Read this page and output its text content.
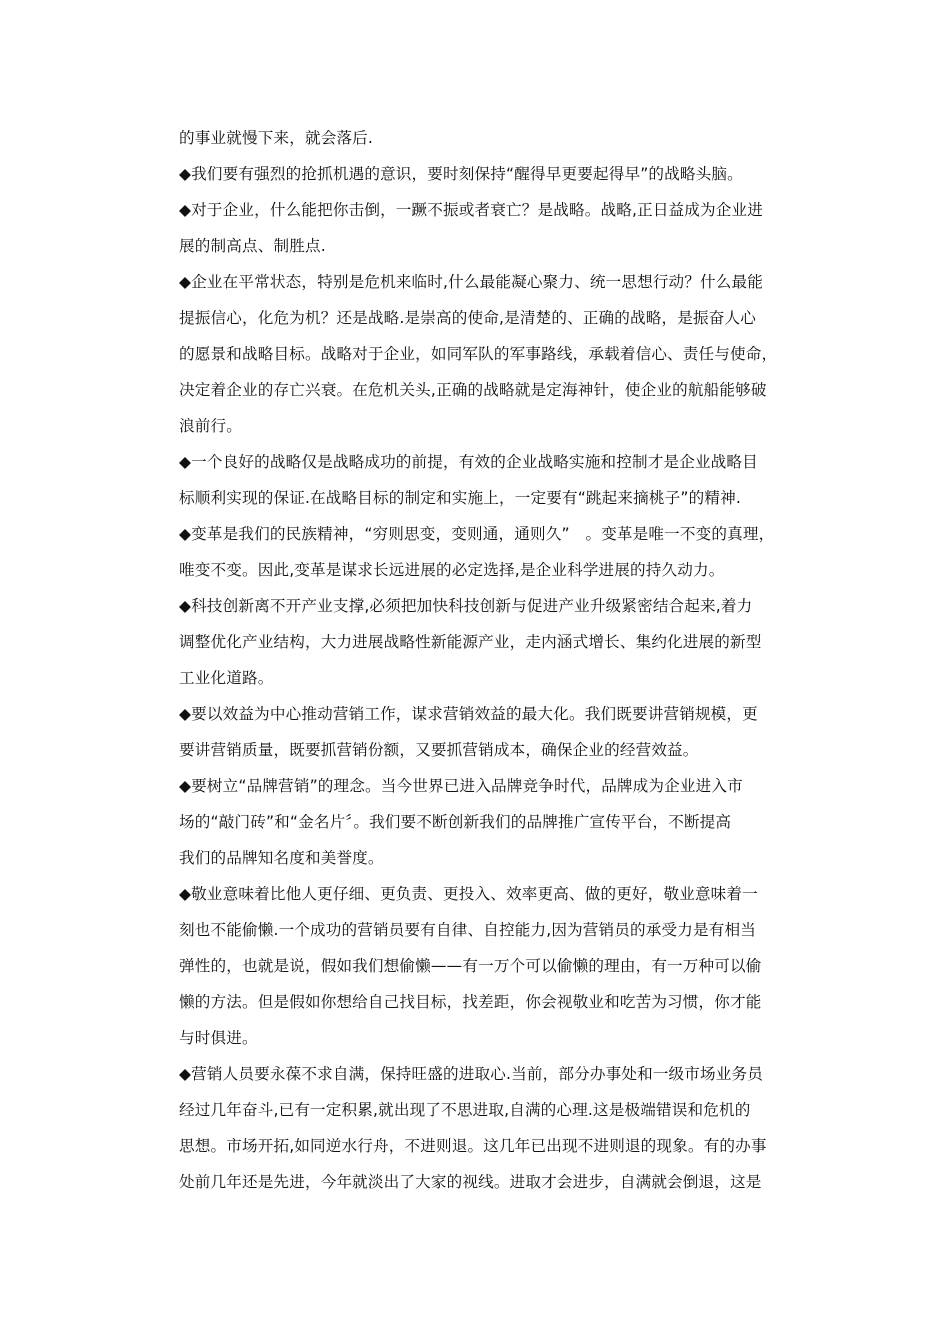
的事业就慢下来，就会落后.
◆我们要有强烈的抢抓机遇的意识，要时刻保持“醒得早更要起得早”的战略头脑。
◆对于企业，什么能把你击倒，一蹶不振或者衰亡？是战略。战略,正日益成为企业进
展的制高点、制胜点.
◆企业在平常状态，特别是危机来临时,什么最能凝心聚力、统一思想行动？什么最能
提振信心，化危为机？还是战略.是崇高的使命,是清楚的、正确的战略，是振奋人心
的愿景和战略目标。战略对于企业，如同军队的军事路线，承载着信心、责任与使命，
决定着企业的存亡兴衰。在危机关头,正确的战略就是定海神针，使企业的航船能够破
浪前行。
◆一个良好的战略仅是战略成功的前提，有效的企业战略实施和控制才是企业战略目
标顺利实现的保证.在战略目标的制定和实施上，一定要有“跳起来摘桃子”的精神.
◆变革是我们的民族精神，“穷则思变，变则通，通则久”　。变革是唯一不变的真理，
唯变不变。因此,变革是谋求长远进展的必定选择,是企业科学进展的持久动力。
◆科技创新离不开产业支撑,必须把加快科技创新与促进产业升级紧密结合起来,着力
调整优化产业结构，大力进展战略性新能源产业，走内涵式增长、集约化进展的新型
工业化道路。
◆要以效益为中心推动营销工作，谋求营销效益的最大化。我们既要讲营销规模，更
要讲营销质量，既要抓营销份额，又要抓营销成本，确保企业的经营效益。
◆要树立“品牌营销”的理念。当今世界已进入品牌竞争时代，品牌成为企业进入市
场的“敲门砖”和“金名片〞。我们要不断创新我们的品牌推广宣传平台，不断提高
我们的品牌知名度和美誉度。
◆敬业意味着比他人更仔细、更负责、更投入、效率更高、做的更好，敬业意味着一
刻也不能偷懒.一个成功的营销员要有自律、自控能力,因为营销员的承受力是有相当
弹性的，也就是说，假如我们想偷懒——有一万个可以偷懒的理由，有一万种可以偷
懒的方法。但是假如你想给自己找目标，找差距，你会视敬业和吃苦为习惯，你才能
与时俱进。
◆营销人员要永葆不求自满，保持旺盛的进取心.当前，部分办事处和一级市场业务员
经过几年奋斗,已有一定积累,就出现了不思进取,自满的心理.这是极端错误和危机的
思想。市场开拓,如同逆水行舟，不进则退。这几年已出现不进则退的现象。有的办事
处前几年还是先进，今年就淡出了大家的视线。进取才会进步，自满就会倒退，这是
